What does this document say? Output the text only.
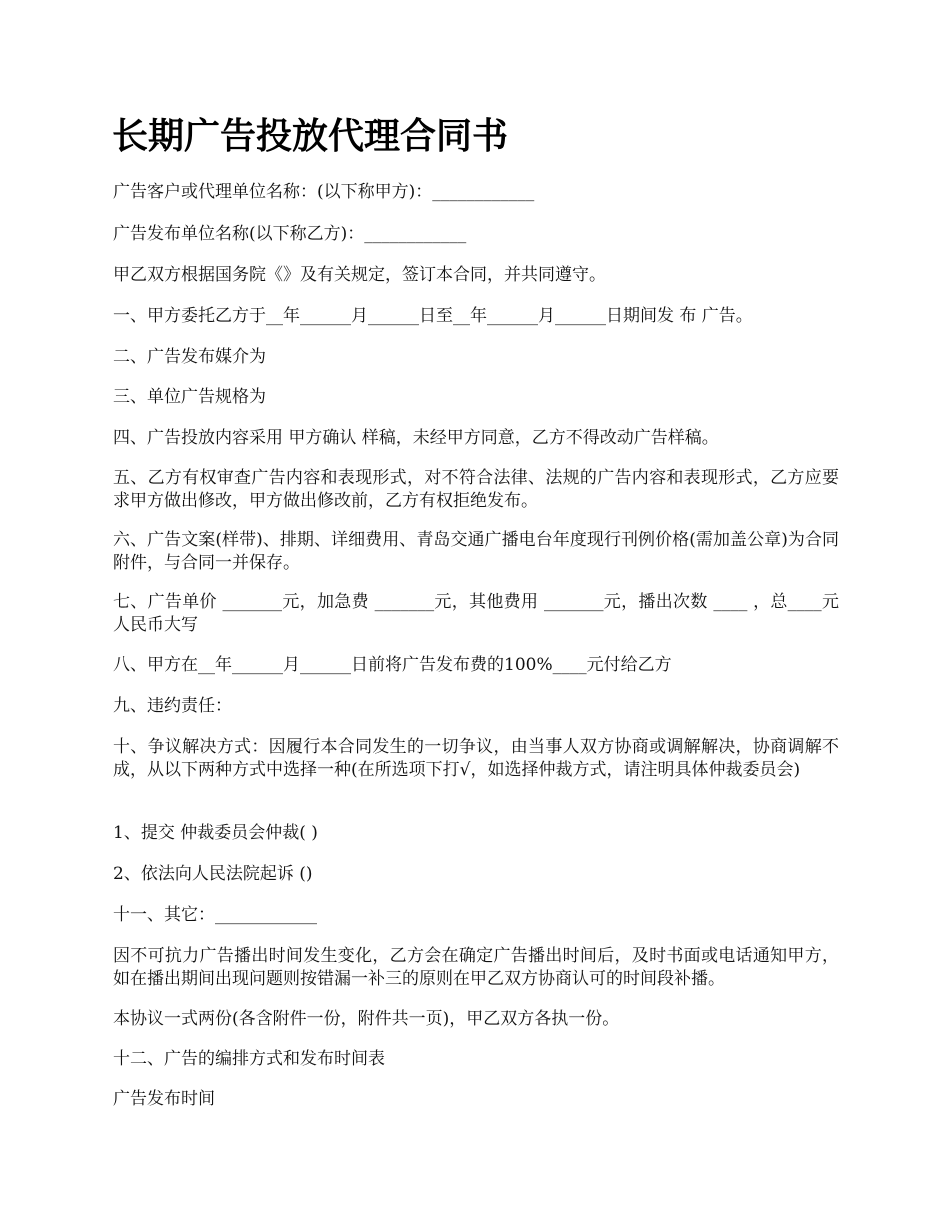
长期广告投放代理合同书

广告客户或代理单位名称：(以下称甲方)：____________

广告发布单位名称(以下称乙方)：____________

甲乙双方根据国务院《》及有关规定，签订本合同，并共同遵守。

一、甲方委托乙方于__年______月______日至__年______月______日期间发 布 广告。

二、广告发布媒介为

三、单位广告规格为

四、广告投放内容采用 甲方确认 样稿，未经甲方同意，乙方不得改动广告样稿。

五、乙方有权审查广告内容和表现形式，对不符合法律、法规的广告内容和表现形式，乙方应要求甲方做出修改，甲方做出修改前，乙方有权拒绝发布。

六、广告文案(样带)、排期、详细费用、青岛交通广播电台年度现行刊例价格(需加盖公章)为合同附件，与合同一并保存。

七、广告单价 _______元，加急费 _______元，其他费用 _______元，播出次数 ____ ，总____元人民币大写

八、甲方在__年______月______日前将广告发布费的100%____元付给乙方

九、违约责任：

十、争议解决方式：因履行本合同发生的一切争议，由当事人双方协商或调解解决，协商调解不成，从以下两种方式中选择一种(在所选项下打√，如选择仲裁方式，请注明具体仲裁委员会)

1、提交 仲裁委员会仲裁( )

2、依法向人民法院起诉 ()

十一、其它：____________

因不可抗力广告播出时间发生变化，乙方会在确定广告播出时间后，及时书面或电话通知甲方，如在播出期间出现问题则按错漏一补三的原则在甲乙双方协商认可的时间段补播。

本协议一式两份(各含附件一份，附件共一页)，甲乙双方各执一份。

十二、广告的编排方式和发布时间表

广告发布时间
